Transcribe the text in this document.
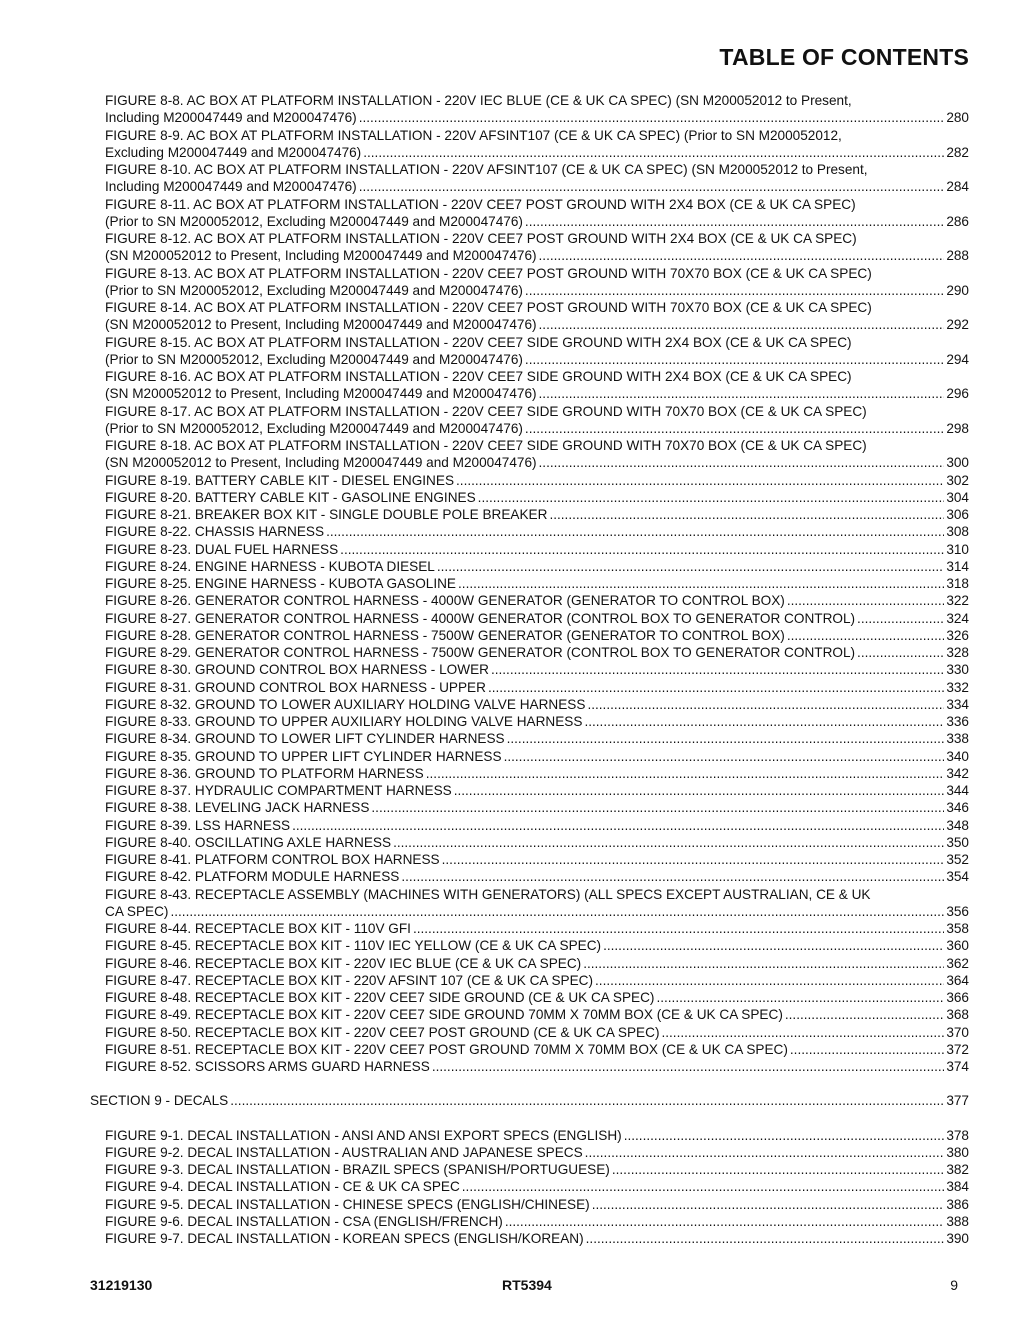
TABLE OF CONTENTS
FIGURE 8-8. AC BOX AT PLATFORM INSTALLATION - 220V IEC BLUE (CE & UK CA SPEC) (SN M200052012 to Present,
Including M200047449 and M200047476) .....	280
FIGURE 8-9. AC BOX AT PLATFORM INSTALLATION - 220V AFSINT107 (CE & UK CA SPEC) (Prior to SN M200052012,
Excluding M200047449 and M200047476) .....	282
FIGURE 8-10. AC BOX AT PLATFORM INSTALLATION - 220V AFSINT107 (CE & UK CA SPEC) (SN M200052012 to Present,
Including M200047449 and M200047476) .....	284
FIGURE 8-11. AC BOX AT PLATFORM INSTALLATION - 220V CEE7 POST GROUND WITH 2X4 BOX (CE & UK CA SPEC)
(Prior to SN M200052012, Excluding M200047449 and M200047476) .....	286
FIGURE 8-12. AC BOX AT PLATFORM INSTALLATION - 220V CEE7 POST GROUND WITH 2X4 BOX (CE & UK CA SPEC)
(SN M200052012 to Present, Including M200047449 and M200047476) .....	288
FIGURE 8-13. AC BOX AT PLATFORM INSTALLATION - 220V CEE7 POST GROUND WITH 70X70 BOX (CE & UK CA SPEC)
(Prior to SN M200052012, Excluding M200047449 and M200047476) .....	290
FIGURE 8-14. AC BOX AT PLATFORM INSTALLATION - 220V CEE7 POST GROUND WITH 70X70 BOX (CE & UK CA SPEC)
(SN M200052012 to Present, Including M200047449 and M200047476) .....	292
FIGURE 8-15. AC BOX AT PLATFORM INSTALLATION - 220V CEE7 SIDE GROUND WITH 2X4 BOX (CE & UK CA SPEC)
(Prior to SN M200052012, Excluding M200047449 and M200047476) .....	294
FIGURE 8-16. AC BOX AT PLATFORM INSTALLATION - 220V CEE7 SIDE GROUND WITH 2X4 BOX (CE & UK CA SPEC)
(SN M200052012 to Present, Including M200047449 and M200047476) .....	296
FIGURE 8-17. AC BOX AT PLATFORM INSTALLATION - 220V CEE7 SIDE GROUND WITH 70X70 BOX (CE & UK CA SPEC)
(Prior to SN M200052012, Excluding M200047449 and M200047476) .....	298
FIGURE 8-18. AC BOX AT PLATFORM INSTALLATION - 220V CEE7 SIDE GROUND WITH 70X70 BOX (CE & UK CA SPEC)
(SN M200052012 to Present, Including M200047449 and M200047476) .....	300
FIGURE 8-19. BATTERY CABLE KIT - DIESEL ENGINES .....	302
FIGURE 8-20. BATTERY CABLE KIT - GASOLINE ENGINES .....	304
FIGURE 8-21. BREAKER BOX KIT - SINGLE DOUBLE POLE BREAKER .....	306
FIGURE 8-22. CHASSIS HARNESS .....	308
FIGURE 8-23. DUAL FUEL HARNESS .....	310
FIGURE 8-24. ENGINE HARNESS - KUBOTA DIESEL .....	314
FIGURE 8-25. ENGINE HARNESS - KUBOTA GASOLINE .....	318
FIGURE 8-26. GENERATOR CONTROL HARNESS - 4000W GENERATOR (GENERATOR TO CONTROL BOX) .....	322
FIGURE 8-27. GENERATOR CONTROL HARNESS - 4000W GENERATOR (CONTROL BOX TO GENERATOR CONTROL) .....	324
FIGURE 8-28. GENERATOR CONTROL HARNESS - 7500W GENERATOR (GENERATOR TO CONTROL BOX) .....	326
FIGURE 8-29. GENERATOR CONTROL HARNESS - 7500W GENERATOR (CONTROL BOX TO GENERATOR CONTROL) .....	328
FIGURE 8-30. GROUND CONTROL BOX HARNESS - LOWER .....	330
FIGURE 8-31. GROUND CONTROL BOX HARNESS - UPPER .....	332
FIGURE 8-32. GROUND TO LOWER AUXILIARY HOLDING VALVE HARNESS .....	334
FIGURE 8-33. GROUND TO UPPER AUXILIARY HOLDING VALVE HARNESS .....	336
FIGURE 8-34. GROUND TO LOWER LIFT CYLINDER HARNESS .....	338
FIGURE 8-35. GROUND TO UPPER LIFT CYLINDER HARNESS .....	340
FIGURE 8-36. GROUND TO PLATFORM HARNESS .....	342
FIGURE 8-37. HYDRAULIC COMPARTMENT HARNESS .....	344
FIGURE 8-38. LEVELING JACK HARNESS .....	346
FIGURE 8-39. LSS HARNESS .....	348
FIGURE 8-40. OSCILLATING AXLE HARNESS .....	350
FIGURE 8-41. PLATFORM CONTROL BOX HARNESS .....	352
FIGURE 8-42. PLATFORM MODULE HARNESS .....	354
FIGURE 8-43. RECEPTACLE ASSEMBLY (MACHINES WITH GENERATORS) (ALL SPECS EXCEPT AUSTRALIAN, CE & UK
CA SPEC) .....	356
FIGURE 8-44. RECEPTACLE BOX KIT - 110V GFI .....	358
FIGURE 8-45. RECEPTACLE BOX KIT - 110V IEC YELLOW (CE & UK CA SPEC) .....	360
FIGURE 8-46. RECEPTACLE BOX KIT - 220V IEC BLUE (CE & UK CA SPEC) .....	362
FIGURE 8-47. RECEPTACLE BOX KIT - 220V AFSINT 107 (CE & UK CA SPEC) .....	364
FIGURE 8-48. RECEPTACLE BOX KIT - 220V CEE7 SIDE GROUND (CE & UK CA SPEC) .....	366
FIGURE 8-49. RECEPTACLE BOX KIT - 220V CEE7 SIDE GROUND 70MM X 70MM BOX (CE & UK CA SPEC) .....	368
FIGURE 8-50. RECEPTACLE BOX KIT - 220V CEE7 POST GROUND (CE & UK CA SPEC) .....	370
FIGURE 8-51. RECEPTACLE BOX KIT - 220V CEE7 POST GROUND 70MM X 70MM BOX (CE & UK CA SPEC) .....	372
FIGURE 8-52. SCISSORS ARMS GUARD HARNESS .....	374
SECTION 9 - DECALS .....	377
FIGURE 9-1. DECAL INSTALLATION - ANSI AND ANSI EXPORT SPECS (ENGLISH) .....	378
FIGURE 9-2. DECAL INSTALLATION - AUSTRALIAN AND JAPANESE SPECS .....	380
FIGURE 9-3. DECAL INSTALLATION - BRAZIL SPECS (SPANISH/PORTUGUESE) .....	382
FIGURE 9-4. DECAL INSTALLATION - CE & UK CA SPEC .....	384
FIGURE 9-5. DECAL INSTALLATION - CHINESE SPECS (ENGLISH/CHINESE) .....	386
FIGURE 9-6. DECAL INSTALLATION - CSA (ENGLISH/FRENCH) .....	388
FIGURE 9-7. DECAL INSTALLATION - KOREAN SPECS (ENGLISH/KOREAN) .....	390
31219130	RT5394	9
